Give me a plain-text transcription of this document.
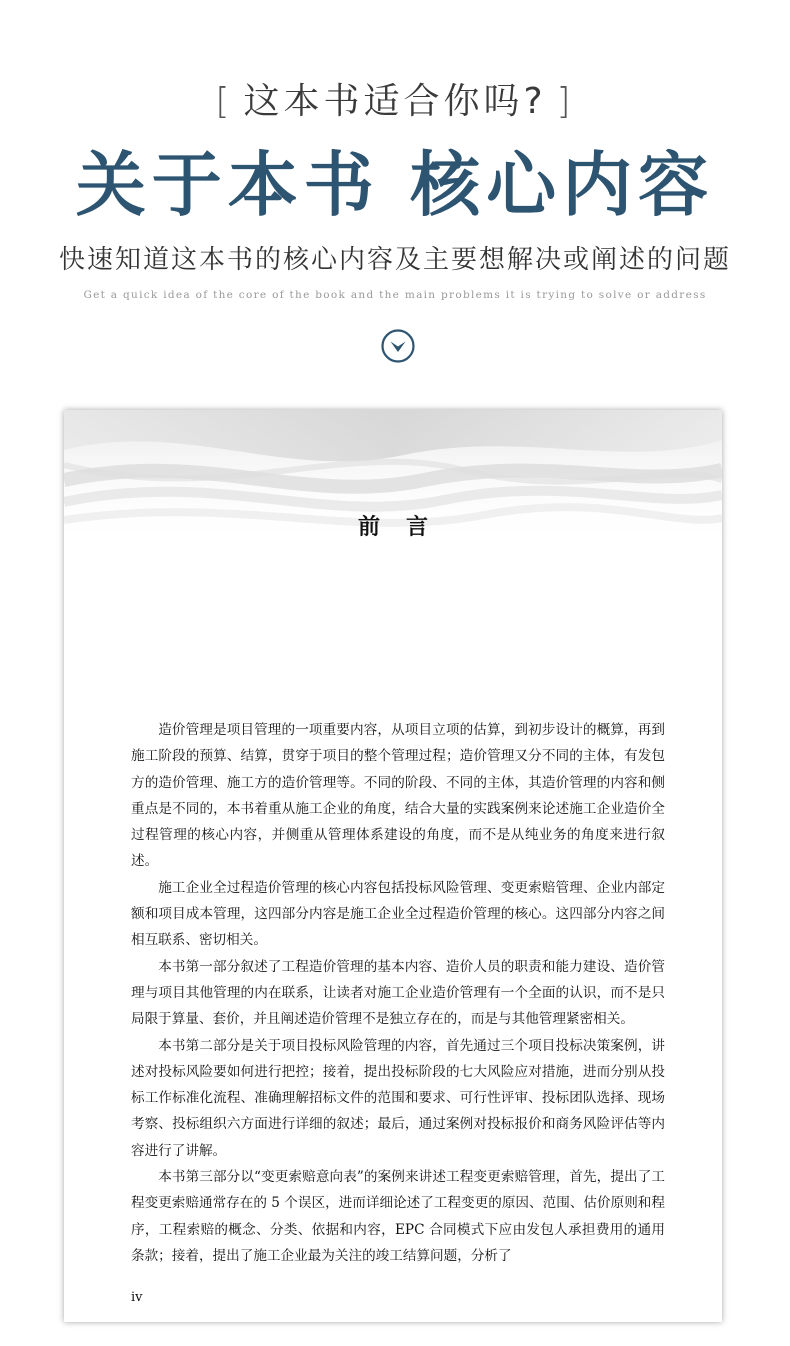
[ 这本书适合你吗? ]
关于本书 核心内容
快速知道这本书的核心内容及主要想解决或阐述的问题
Get a quick idea of the core of the book and the main problems it is trying to solve or address
前言

造价管理是项目管理的一项重要内容，从项目立项的估算，到初步设计的概算，再到施工阶段的预算、结算，贯穿于项目的整个管理过程；造价管理又分不同的主体，有发包方的造价管理、施工方的造价管理等。不同的阶段、不同的主体，其造价管理的内容和侧重点是不同的，本书着重从施工企业的角度，结合大量的实践案例来论述施工企业造价全过程管理的核心内容，并侧重从管理体系建设的角度，而不是从纯业务的角度来进行叙述。

施工企业全过程造价管理的核心内容包括投标风险管理、变更索赔管理、企业内部定额和项目成本管理，这四部分内容是施工企业全过程造价管理的核心。这四部分内容之间相互联系、密切相关。

本书第一部分叙述了工程造价管理的基本内容、造价人员的职责和能力建设、造价管理与项目其他管理的内在联系，让读者对施工企业造价管理有一个全面的认识，而不是只局限于算量、套价，并且阐述造价管理不是独立存在的，而是与其他管理紧密相关。

本书第二部分是关于项目投标风险管理的内容，首先通过三个项目投标决策案例，讲述对投标风险要如何进行把控；接着，提出投标阶段的七大风险应对措施，进而分别从投标工作标准化流程、准确理解招标文件的范围和要求、可行性评审、投标团队选择、现场考察、投标组织六方面进行详细的叙述；最后，通过案例对投标报价和商务风险评估等内容进行了讲解。

本书第三部分以“变更索赔意向表”的案例来讲述工程变更索赔管理，首先，提出了工程变更索赔通常存在的 5 个误区，进而详细论述了工程变更的原因、范围、估价原则和程序，工程索赔的概念、分类、依据和内容，EPC 合同模式下应由发包人承担费用的通用条款；接着，提出了施工企业最为关注的竣工结算问题，分析了

iv
